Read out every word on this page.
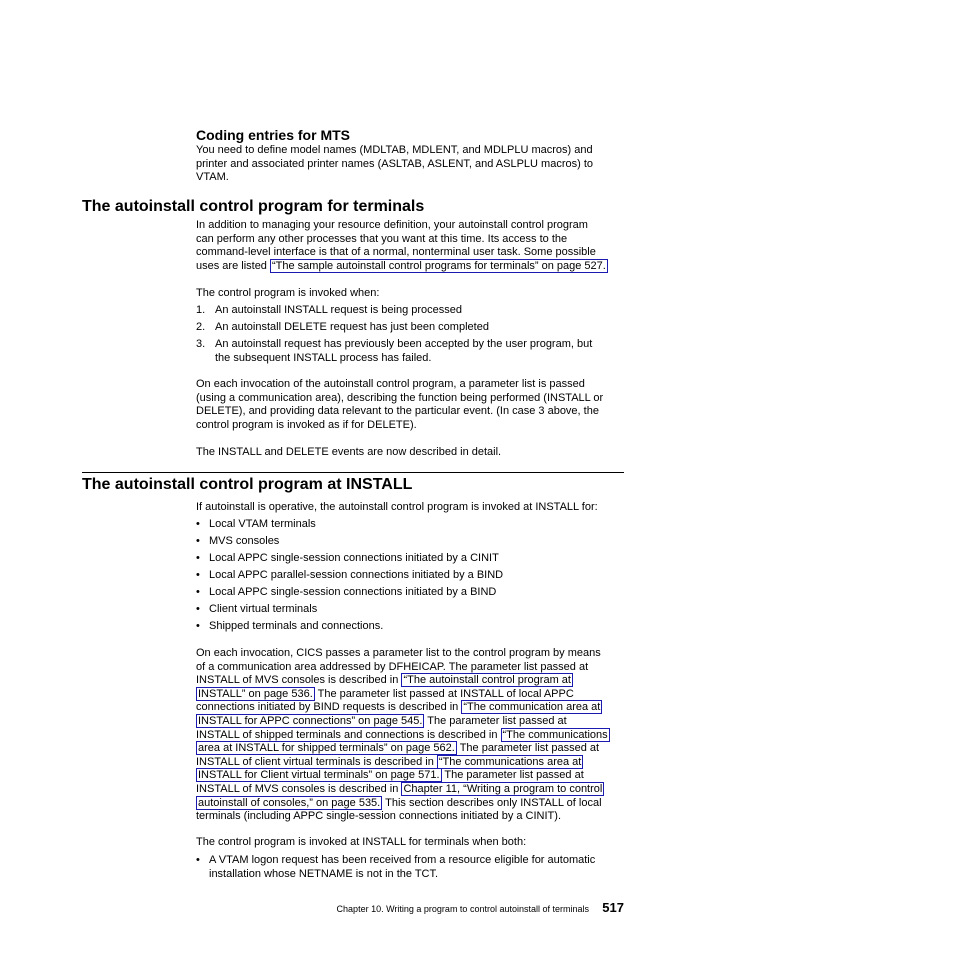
Coding entries for MTS
You need to define model names (MDLTAB, MDLENT, and MDLPLU macros) and
printer and associated printer names (ASLTAB, ASLENT, and ASLPLU macros) to
VTAM.
The autoinstall control program for terminals
In addition to managing your resource definition, your autoinstall control program
can perform any other processes that you want at this time. Its access to the
command-level interface is that of a normal, nonterminal user task. Some possible
uses are listed “The sample autoinstall control programs for terminals” on page 527.
The control program is invoked when:
1. An autoinstall INSTALL request is being processed
2. An autoinstall DELETE request has just been completed
3. An autoinstall request has previously been accepted by the user program, but
the subsequent INSTALL process has failed.
On each invocation of the autoinstall control program, a parameter list is passed
(using a communication area), describing the function being performed (INSTALL or
DELETE), and providing data relevant to the particular event. (In case 3 above, the
control program is invoked as if for DELETE).
The INSTALL and DELETE events are now described in detail.
The autoinstall control program at INSTALL
If autoinstall is operative, the autoinstall control program is invoked at INSTALL for:
• Local VTAM terminals
• MVS consoles
• Local APPC single-session connections initiated by a CINIT
• Local APPC parallel-session connections initiated by a BIND
• Local APPC single-session connections initiated by a BIND
• Client virtual terminals
• Shipped terminals and connections.
On each invocation, CICS passes a parameter list to the control program by means
of a communication area addressed by DFHEICAP. The parameter list passed at
INSTALL of MVS consoles is described in “The autoinstall control program at
INSTALL” on page 536. The parameter list passed at INSTALL of local APPC
connections initiated by BIND requests is described in “The communication area at
INSTALL for APPC connections” on page 545. The parameter list passed at
INSTALL of shipped terminals and connections is described in “The communications
area at INSTALL for shipped terminals” on page 562. The parameter list passed at
INSTALL of client virtual terminals is described in “The communications area at
INSTALL for Client virtual terminals” on page 571. The parameter list passed at
INSTALL of MVS consoles is described in Chapter 11, “Writing a program to control
autoinstall of consoles,” on page 535. This section describes only INSTALL of local
terminals (including APPC single-session connections initiated by a CINIT).
The control program is invoked at INSTALL for terminals when both:
• A VTAM logon request has been received from a resource eligible for automatic
installation whose NETNAME is not in the TCT.
Chapter 10. Writing a program to control autoinstall of terminals 517
